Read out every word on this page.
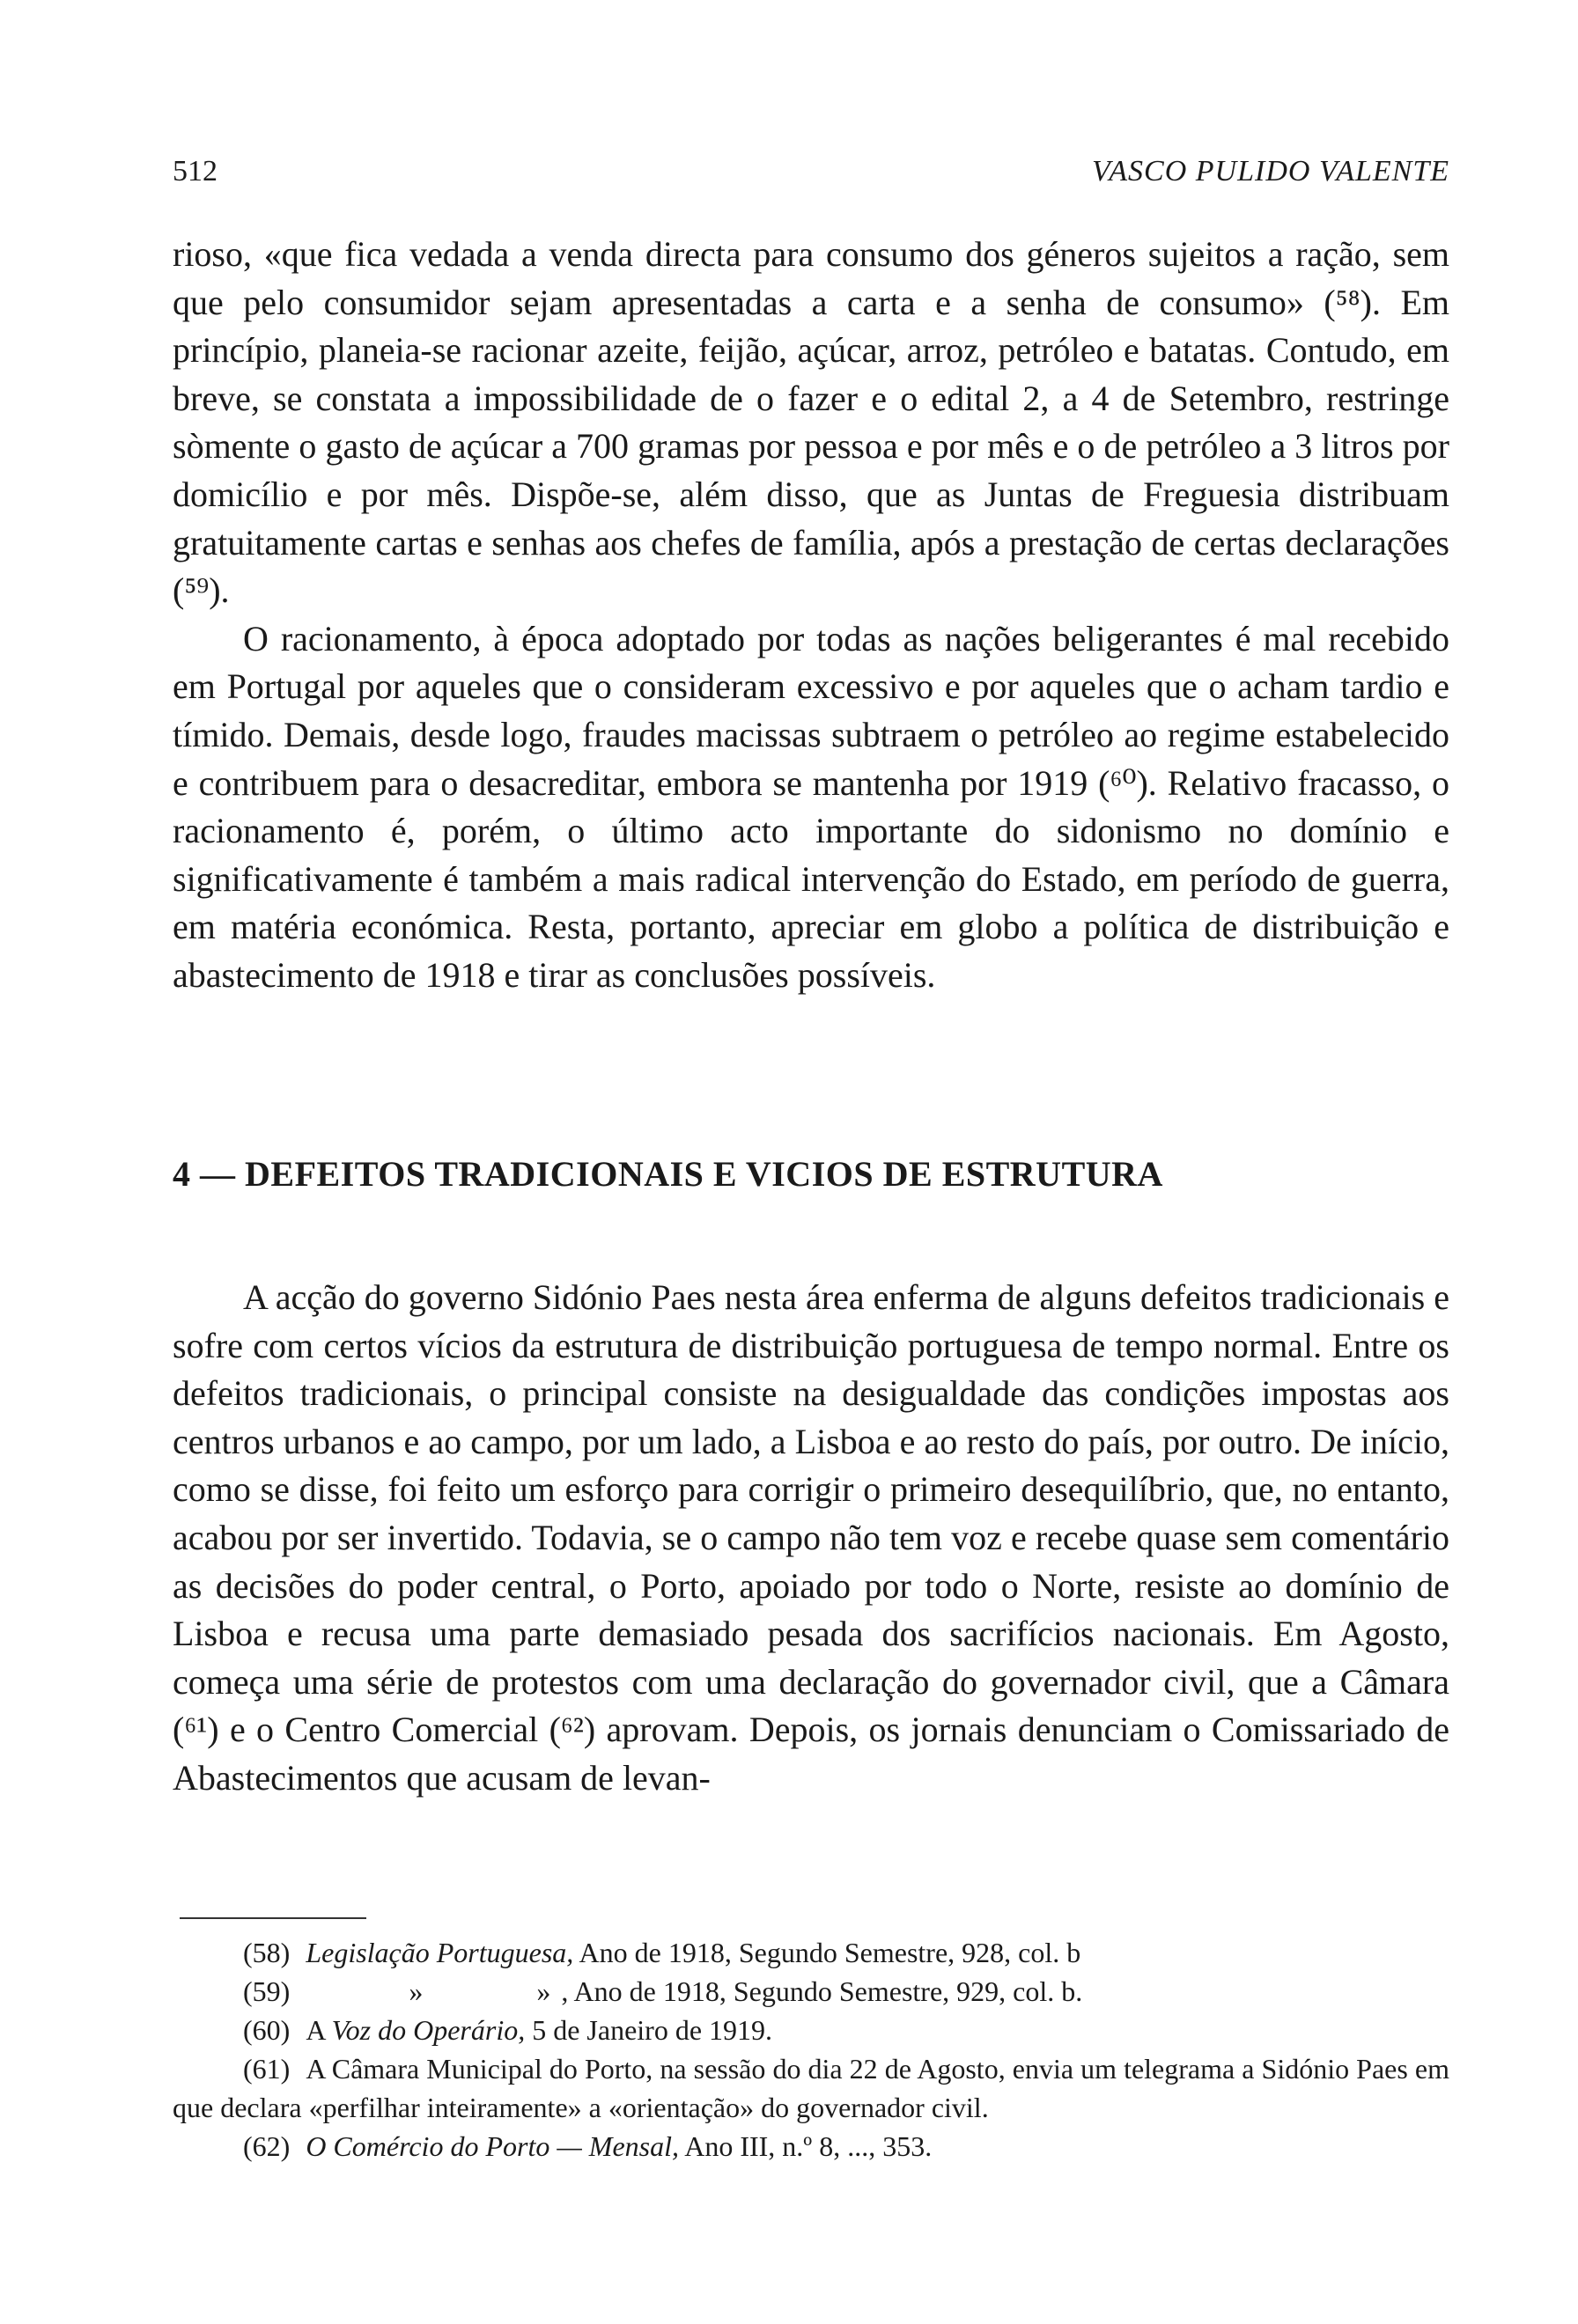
512	VASCO PULIDO VALENTE

rioso, «que fica vedada a venda directa para consumo dos géneros sujeitos a ração, sem que pelo consumidor sejam apresentadas a carta e a senha de consumo» (⁵⁸). Em princípio, planeia-se racionar azeite, feijão, açúcar, arroz, petróleo e batatas. Contudo, em breve, se constata a impossibilidade de o fazer e o edital 2, a 4 de Setembro, restringe sòmente o gasto de açúcar a 700 gramas por pessoa e por mês e o de petróleo a 3 litros por domicílio e por mês. Dispõe-se, além disso, que as Juntas de Freguesia distribuam gratuitamente cartas e senhas aos chefes de família, após a prestação de certas declarações (⁵⁹).

O racionamento, à época adoptado por todas as nações beligerantes é mal recebido em Portugal por aqueles que o consideram excessivo e por aqueles que o acham tardio e tímido. Demais, desde logo, fraudes macissas subtraem o petróleo ao regime estabelecido e contribuem para o desacreditar, embora se mantenha por 1919 (⁶⁰). Relativo fracasso, o racionamento é, porém, o último acto importante do sidonismo no domínio e significativamente é também a mais radical intervenção do Estado, em período de guerra, em matéria económica. Resta, portanto, apreciar em globo a política de distribuição e abastecimento de 1918 e tirar as conclusões possíveis.

4 — DEFEITOS TRADICIONAIS E VICIOS DE ESTRUTURA

A acção do governo Sidónio Paes nesta área enferma de alguns defeitos tradicionais e sofre com certos vícios da estrutura de distribuição portuguesa de tempo normal. Entre os defeitos tradicionais, o principal consiste na desigualdade das condições impostas aos centros urbanos e ao campo, por um lado, a Lisboa e ao resto do país, por outro. De início, como se disse, foi feito um esforço para corrigir o primeiro desequilíbrio, que, no entanto, acabou por ser invertido. Todavia, se o campo não tem voz e recebe quase sem comentário as decisões do poder central, o Porto, apoiado por todo o Norte, resiste ao domínio de Lisboa e recusa uma parte demasiado pesada dos sacrifícios nacionais. Em Agosto, começa uma série de protestos com uma declaração do governador civil, que a Câmara (⁶¹) e o Centro Comercial (⁶²) aprovam. Depois, os jornais denunciam o Comissariado de Abastecimentos que acusam de levan-

(58) Legislação Portuguesa, Ano de 1918, Segundo Semestre, 928, col. b

(59)	»	» , Ano de 1918, Segundo Semestre, 929, col. b.

(60) A Voz do Operário, 5 de Janeiro de 1919.

(61) A Câmara Municipal do Porto, na sessão do dia 22 de Agosto, envia um telegrama a Sidónio Paes em que declara «perfilhar inteiramente» a «orientação» do governador civil.

(62) O Comércio do Porto — Mensal, Ano III, n.º 8, ..., 353.
